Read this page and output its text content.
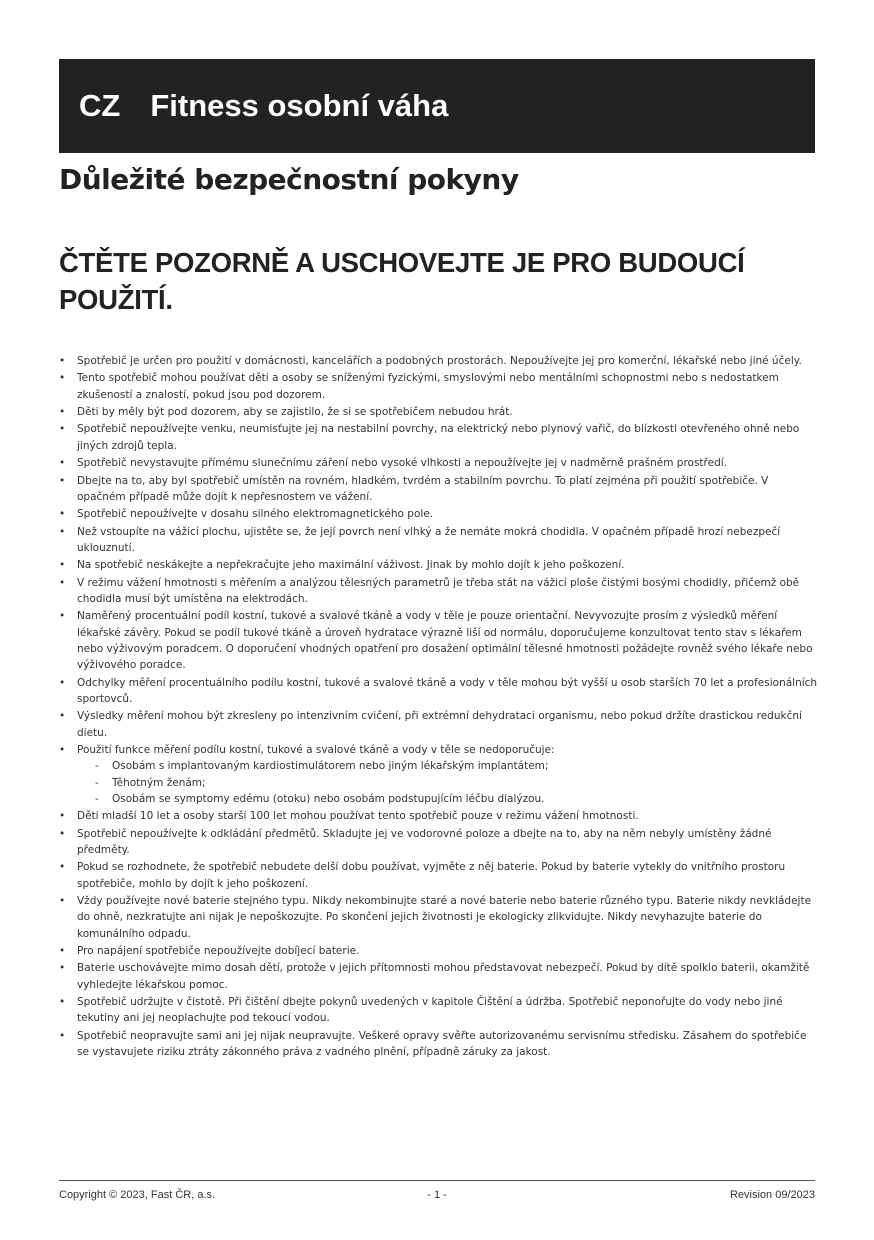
CZ Fitness osobní váha
Důležité bezpečnostní pokyny
ČTĚTE POZORNĚ A USCHOVEJTE JE PRO BUDOUCÍ POUŽITÍ.
• Spotřebič je určen pro použití v domácnosti, kancelářích a podobných prostorách. Nepoužívejte jej pro komerční, lékařské nebo jiné účely.
• Tento spotřebič mohou používat děti a osoby se sníženými fyzickými, smyslovými nebo mentálními schopnostmi nebo s nedostatkem zkušeností a znalostí, pokud jsou pod dozorem.
• Děti by měly být pod dozorem, aby se zajistilo, že si se spotřebičem nebudou hrát.
• Spotřebič nepoužívejte venku, neumisťujte jej na nestabilní povrchy, na elektrický nebo plynový vařič, do blízkosti otevřeného ohně nebo jiných zdrojů tepla.
• Spotřebič nevystavujte přímému slunečnímu záření nebo vysoké vlhkosti a nepoužívejte jej v nadměrně prašném prostředí.
• Dbejte na to, aby byl spotřebič umístěn na rovném, hladkém, tvrdém a stabilním povrchu. To platí zejména při použití spotřebiče. V opačném případě může dojít k nepřesnostem ve vážení.
• Spotřebič nepoužívejte v dosahu silného elektromagnetického pole.
• Než vstoupíte na vážicí plochu, ujistěte se, že její povrch není vlhký a že nemáte mokrá chodidla. V opačném případě hrozí nebezpečí uklouznutí.
• Na spotřebič neskákejte a nepřekračujte jeho maximální váživost. Jinak by mohlo dojít k jeho poškození.
• V režimu vážení hmotnosti s měřením a analýzou tělesných parametrů je třeba stát na vážicí ploše čistými bosými chodidly, přičemž obě chodidla musí být umístěna na elektrodách.
• Naměřený procentuální podíl kostní, tukové a svalové tkáně a vody v těle je pouze orientační. Nevyvozujte prosím z výsledků měření lékařské závěry. Pokud se podíl tukové tkáně a úroveň hydratace výrazně liší od normálu, doporučujeme konzultovat tento stav s lékařem nebo výživovým poradcem. O doporučení vhodných opatření pro dosažení optimální tělesné hmotnosti požádejte rovněž svého lékaře nebo výživového poradce.
• Odchylky měření procentuálního podílu kostní, tukové a svalové tkáně a vody v těle mohou být vyšší u osob starších 70 let a profesionálních sportovců.
• Výsledky měření mohou být zkresleny po intenzivním cvičení, při extrémní dehydrataci organismu, nebo pokud držíte drastickou redukční dietu.
• Použití funkce měření podílu kostní, tukové a svalové tkáně a vody v těle se nedoporučuje:
- Osobám s implantovaným kardiostimulátorem nebo jiným lékařským implantátem;
- Těhotným ženám;
- Osobám se symptomy edému (otoku) nebo osobám podstupujícím léčbu dialýzou.
• Děti mladší 10 let a osoby starší 100 let mohou používat tento spotřebič pouze v režimu vážení hmotnosti.
• Spotřebič nepoužívejte k odkládání předmětů. Skladujte jej ve vodorovné poloze a dbejte na to, aby na něm nebyly umístěny žádné předměty.
• Pokud se rozhodnete, že spotřebič nebudete delší dobu používat, vyjměte z něj baterie. Pokud by baterie vytekly do vnitřního prostoru spotřebiče, mohlo by dojít k jeho poškození.
• Vždy používejte nové baterie stejného typu. Nikdy nekombinujte staré a nové baterie nebo baterie různého typu. Baterie nikdy nevkládejte do ohně, nezkratujte ani nijak je nepoškozujte. Po skončení jejich životnosti je ekologicky zlikvidujte. Nikdy nevyhazujte baterie do komunálního odpadu.
• Pro napájení spotřebiče nepoužívejte dobíjecí baterie.
• Baterie uschovávejte mimo dosah dětí, protože v jejich přítomnosti mohou představovat nebezpečí. Pokud by dítě spolklo baterii, okamžitě vyhledejte lékařskou pomoc.
• Spotřebič udržujte v čistotě. Při čištění dbejte pokynů uvedených v kapitole Čištění a údržba. Spotřebič neponořujte do vody nebo jiné tekutiny ani jej neoplachujte pod tekoucí vodou.
• Spotřebič neopravujte sami ani jej nijak neupravujte. Veškeré opravy svěřte autorizovanému servisnímu středisku. Zásahem do spotřebiče se vystavujete riziku ztráty zákonného práva z vadného plnění, případně záruky za jakost.
Copyright © 2023, Fast ČR, a.s.	- 1 -	Revision 09/2023
